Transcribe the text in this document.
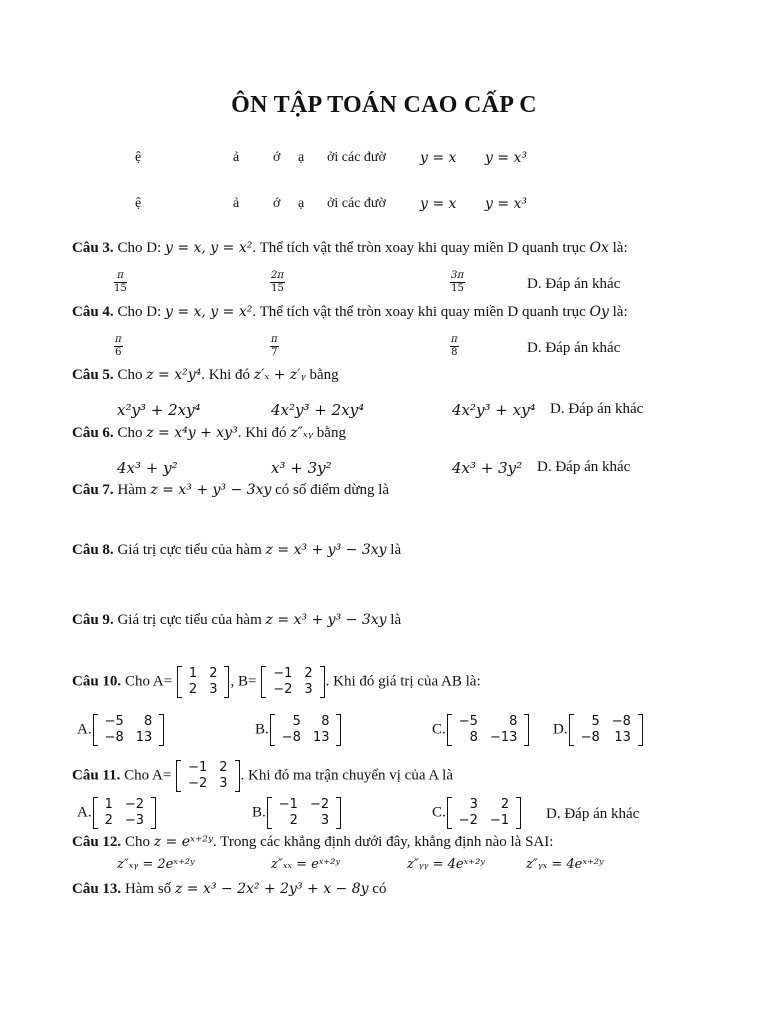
ÔN TẬP TOÁN CAO CẤP C
ệ	ả ớ ạ ởi các đườ y = x y = x³
ệ	ả ớ ạ ởi các đườ y = x y = x³
Câu 3. Cho D: y = x, y = x². Thể tích vật thể tròn xoay khi quay miền D quanh trục Ox là:
$\frac{\pi}{15}$	$\frac{2\pi}{15}$	$\frac{3\pi}{15}$	D. Đáp án khác
Câu 4. Cho D: y = x, y = x². Thể tích vật thể tròn xoay khi quay miền D quanh trục Oy là:
$\frac{\pi}{6}$	$\frac{\pi}{7}$	$\frac{\pi}{8}$	D. Đáp án khác
Câu 5. Cho z = x²y⁴. Khi đó z′ₓ + z′ᵧ bằng
x²y³ + 2xy⁴	4x²y³ + 2xy⁴	4x²y³ + xy⁴ D. Đáp án khác
Câu 6. Cho z = x⁴y + xy³. Khi đó z″ₓᵧ bằng
4x³ + y²	x³ + 3y²	4x³ + 3y² D. Đáp án khác
Câu 7. Hàm z = x³ + y³ − 3xy có số điểm dừng là
Câu 8. Giá trị cực tiểu của hàm z = x³ + y³ − 3xy là
Câu 9. Giá trị cực tiểu của hàm z = x³ + y³ − 3xy là
Câu 10. Cho A= 1	2
2	3
, B= −1	2
−2	3
. Khi đó giá trị của AB là:
A. −5	8
−8	13
B. 5	8
−8	13
C. −5	8
8	−13
D. 5	−8
−8	13
Câu 11. Cho A= −1	2
−2	3
. Khi đó ma trận chuyển vị của A là
A. 1	−2
2	−3
B. −1	−2
2	3
C. 3	2
−2	−1 D. Đáp án khác
Câu 12. Cho z = eˣ⁺²ʸ. Trong các khẳng định dưới đây, khẳng định nào là SAI:
z″ₓᵧ = 2eˣ⁺²ʸ	z″ₓₓ = eˣ⁺²ʸ	z″ᵧᵧ = 4eˣ⁺²ʸ	z″ᵧₓ = 4eˣ⁺²ʸ
Câu 13. Hàm số z = x³ − 2x² + 2y³ + x − 8y có
